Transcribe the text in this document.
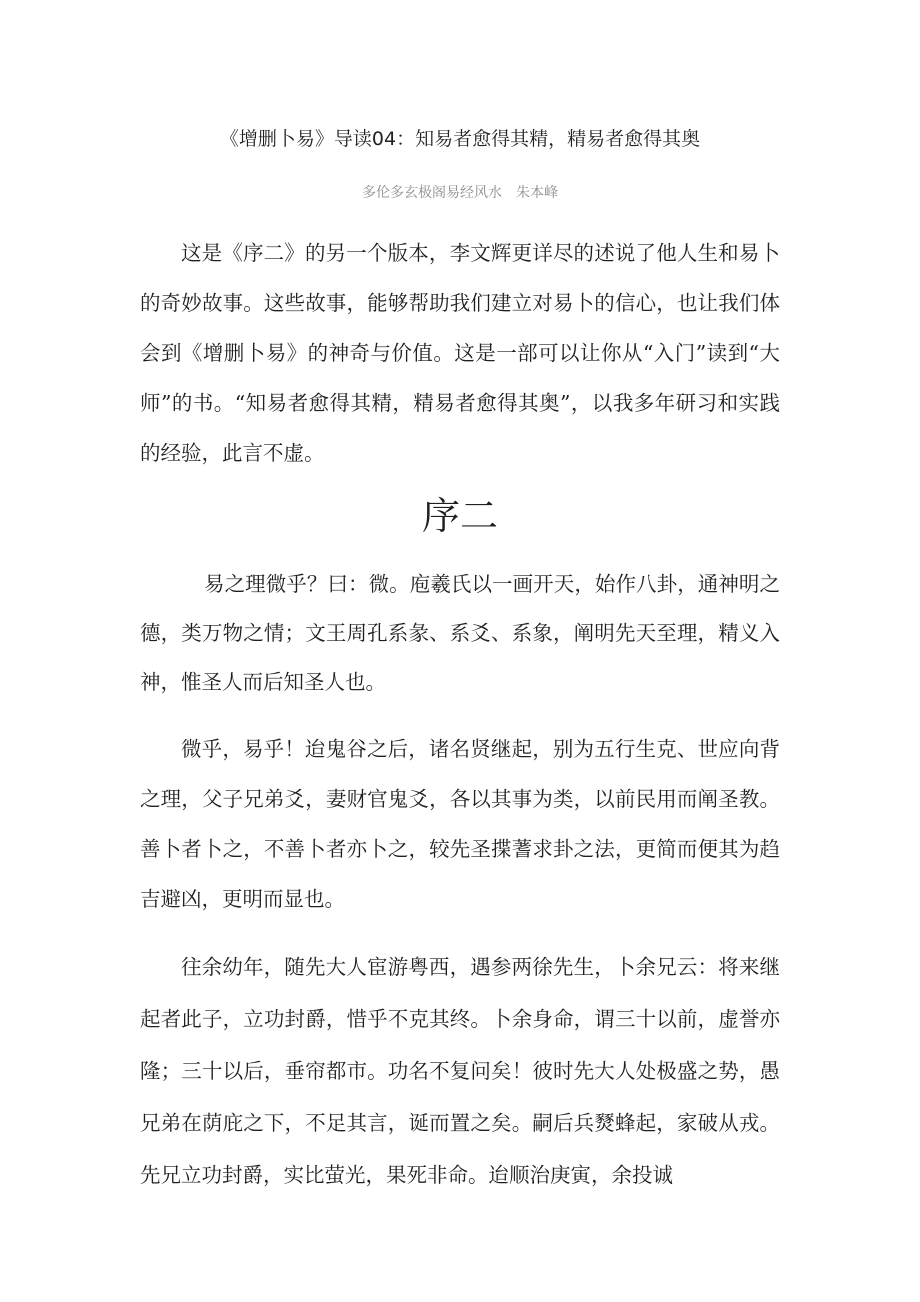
《增删卜易》导读04：知易者愈得其精，精易者愈得其奥
多伦多玄极阁易经风水　朱本峰

这是《序二》的另一个版本，李文辉更详尽的述说了他人生和易卜的奇妙故事。这些故事，能够帮助我们建立对易卜的信心，也让我们体会到《增删卜易》的神奇与价值。这是一部可以让你从“入门”读到“大师”的书。“知易者愈得其精，精易者愈得其奥”，以我多年研习和实践的经验，此言不虚。

序二

易之理微乎？曰：微。庖羲氏以一画开天，始作八卦，通神明之德，类万物之情；文王周孔系彖、系爻、系象，阐明先天至理，精义入神，惟圣人而后知圣人也。

微乎，易乎！迨鬼谷之后，诸名贤继起，别为五行生克、世应向背之理，父子兄弟爻，妻财官鬼爻，各以其事为类，以前民用而阐圣教。善卜者卜之，不善卜者亦卜之，较先圣揲蓍求卦之法，更简而便其为趋吉避凶，更明而显也。

往余幼年，随先大人宦游粤西，遇参两徐先生，卜余兄云：将来继起者此子，立功封爵，惜乎不克其终。卜余身命，谓三十以前，虚誉亦隆；三十以后，垂帘都市。功名不复问矣！彼时先大人处极盛之势，愚兄弟在荫庇之下，不足其言，诞而置之矣。嗣后兵燹蜂起，家破从戎。先兄立功封爵，实比萤光，果死非命。迨顺治庚寅，余投诚
